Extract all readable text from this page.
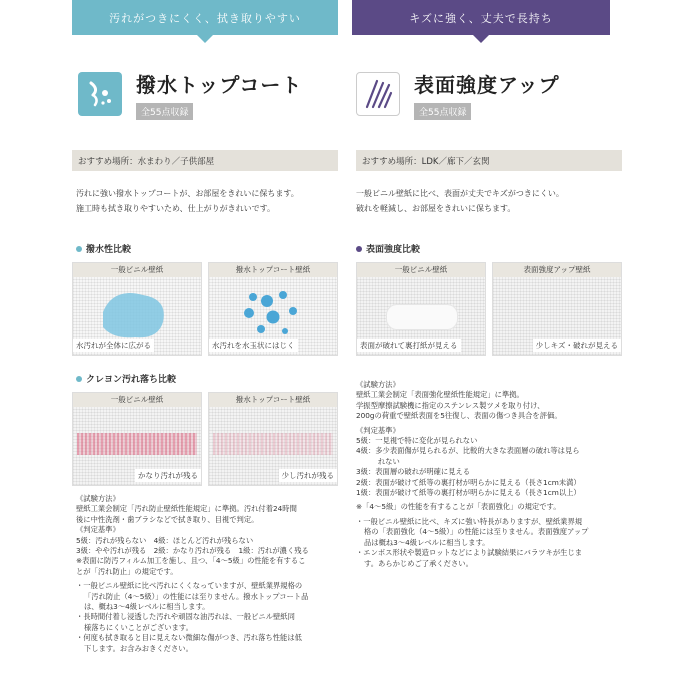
汚れがつきにくく、拭き取りやすい
撥水トップコート
全55点収録
おすすめ場所：水まわり／子供部屋

汚れに強い撥水トップコートが、お部屋をきれいに保ちます。

施工時も拭き取りやすいため、仕上がりがきれいです。

撥水性比較
一般ビニル壁紙
水汚れが全体に広がる
撥水トップコート壁紙
水汚れを水玉状にはじく
クレヨン汚れ落ち比較
一般ビニル壁紙
かなり汚れが残る
撥水トップコート壁紙
少し汚れが残る

《試験方法》

壁紙工業会制定「汚れ防止壁紙性能規定」に準拠。汚れ付着24時間

後に中性洗剤・歯ブラシなどで拭き取り、目視で判定。

《判定基準》

5級：汚れが残らない　4級：ほとんど汚れが残らない

3級：やや汚れが残る　2級：かなり汚れが残る　1級：汚れが濃く残る

※表面に防汚フィルム加工を施し、且つ、「4～5級」の性能を有するこ

とが「汚れ防止」の規定です。

・一般ビニル壁紙に比べ汚れにくくなっていますが、壁紙業界規格の

「汚れ防止（4～5級）」の性能には至りません。撥水トップコート品

は、概ね3～4級レベルに相当します。

・長時間付着し浸透した汚れや頑固な油汚れは、一般ビニル壁紙同

様落ちにくいことがございます。

・何度も拭き取ると目に見えない微細な傷がつき、汚れ落ち性能は低

下します。お含みおきください。

キズに強く、丈夫で長持ち
表面強度アップ
全55点収録
おすすめ場所：LDK／廊下／玄関

一般ビニル壁紙に比べ、表面が丈夫でキズがつきにくい。

破れを軽減し、お部屋をきれいに保ちます。

表面強度比較
一般ビニル壁紙
表面が破れて裏打紙が見える
表面強度アップ壁紙
少しキズ・破れが見える

《試験方法》

壁紙工業会制定「表面強化壁紙性能規定」に準拠。

学振型摩擦試験機に指定のステンレス製ツメを取り付け、

200gの荷重で壁紙表面を5往復し、表面の傷つき具合を評価。

《判定基準》

5級：一見視で特に変化が見られない

4級：多少表面傷が見られるが、比較的大きな表面層の破れ等は見ら

　　　れない

3級：表面層の破れが明確に見える

2級：表面が破けて紙等の裏打材が明らかに見える（長さ1cm未満）

1級：表面が破けて紙等の裏打材が明らかに見える（長さ1cm以上）

※「4～5級」の性能を有することが「表面強化」の規定です。

・一般ビニル壁紙に比べ、キズに強い特長がありますが、壁紙業界規

格の「表面強化（4～5級）」の性能には至りません。表面強度アップ

品は概ね3～4級レベルに相当します。

・エンボス形状や製造ロットなどにより試験結果にバラツキが生じま

す。あらかじめご了承ください。
